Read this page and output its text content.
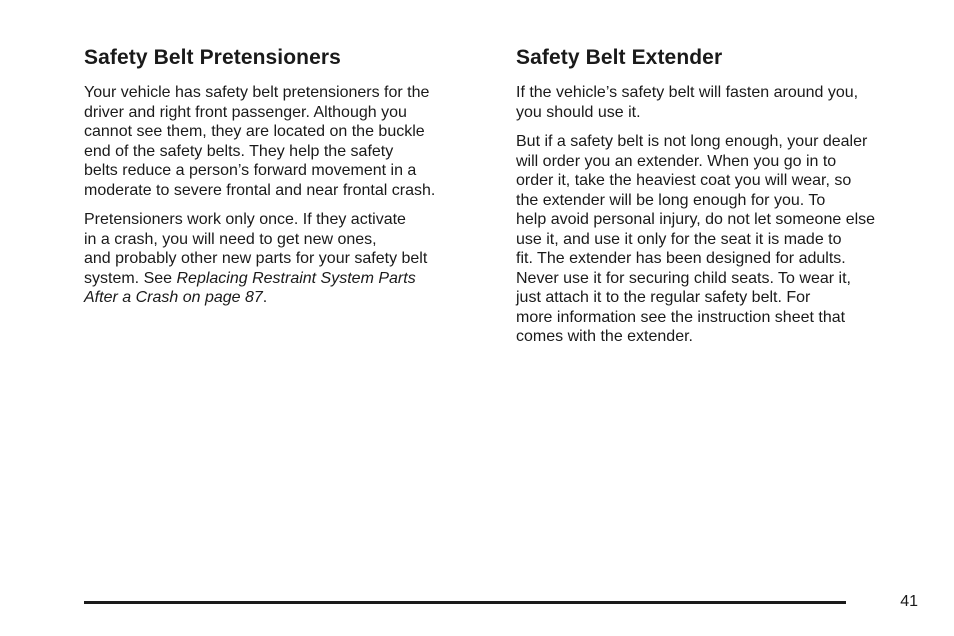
Safety Belt Pretensioners

Your vehicle has safety belt pretensioners for the
driver and right front passenger. Although you
cannot see them, they are located on the buckle
end of the safety belts. They help the safety
belts reduce a person’s forward movement in a
moderate to severe frontal and near frontal crash.

Pretensioners work only once. If they activate
in a crash, you will need to get new ones,
and probably other new parts for your safety belt
system. See Replacing Restraint System Parts
After a Crash on page 87.

Safety Belt Extender

If the vehicle’s safety belt will fasten around you,
you should use it.

But if a safety belt is not long enough, your dealer
will order you an extender. When you go in to
order it, take the heaviest coat you will wear, so
the extender will be long enough for you. To
help avoid personal injury, do not let someone else
use it, and use it only for the seat it is made to
fit. The extender has been designed for adults.
Never use it for securing child seats. To wear it,
just attach it to the regular safety belt. For
more information see the instruction sheet that
comes with the extender.

41
